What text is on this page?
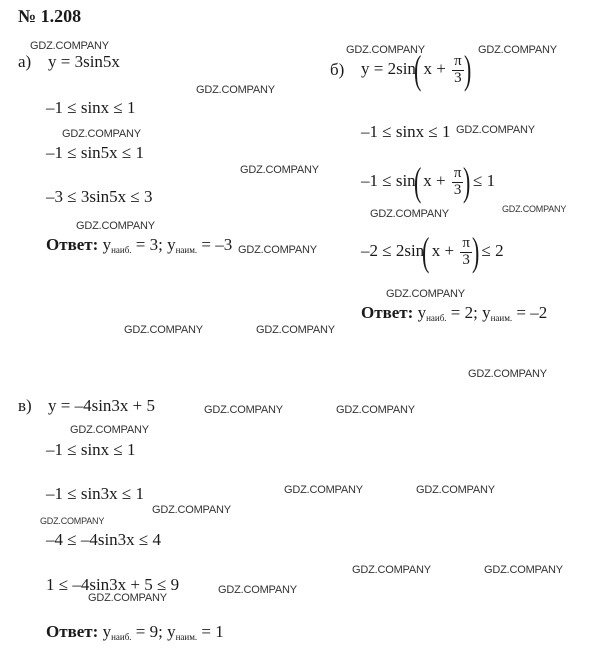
№ 1.208
а) y = 3sin5x
–1 ≤ sinx ≤ 1
–1 ≤ sin5x ≤ 1
–3 ≤ 3sin5x ≤ 3
Ответ: $y_{наиб.} = 3$; $y_{наим.} = -3$
б) y = 2sin( $x + \frac{\pi}{3}$ )
–1 ≤ sinx ≤ 1
–1 ≤ sin( $x + \frac{\pi}{3}$ ) ≤ 1
–2 ≤ 2sin( $x + \frac{\pi}{3}$ ) ≤ 2
Ответ: $y_{наиб.} = 2$; $y_{наим.} = -2$
в) y = –4sin3x + 5
–1 ≤ sinx ≤ 1
–1 ≤ sin3x ≤ 1
–4 ≤ –4sin3x ≤ 4
1 ≤ –4sin3x + 5 ≤ 9
Ответ: $y_{наиб.} = 9$; $y_{наим.} = 1$
GDZ.COMPANY
GDZ.COMPANY
GDZ.COMPANY
GDZ.COMPANY
GDZ.COMPANY
GDZ.COMPANY
GDZ.COMPANY	GDZ.COMPANY
GDZ.COMPANY
GDZ.COMPANY	GDZ.COMPANY
GDZ.COMPANY
GDZ.COMPANY	GDZ.COMPANY
GDZ.COMPANY
GDZ.COMPANY	GDZ.COMPANY
GDZ.COMPANY
GDZ.COMPANY	GDZ.COMPANY
GDZ.COMPANY
GDZ.COMPANY
GDZ.COMPANY	GDZ.COMPANY
GDZ.COMPANY
GDZ.COMPANY
